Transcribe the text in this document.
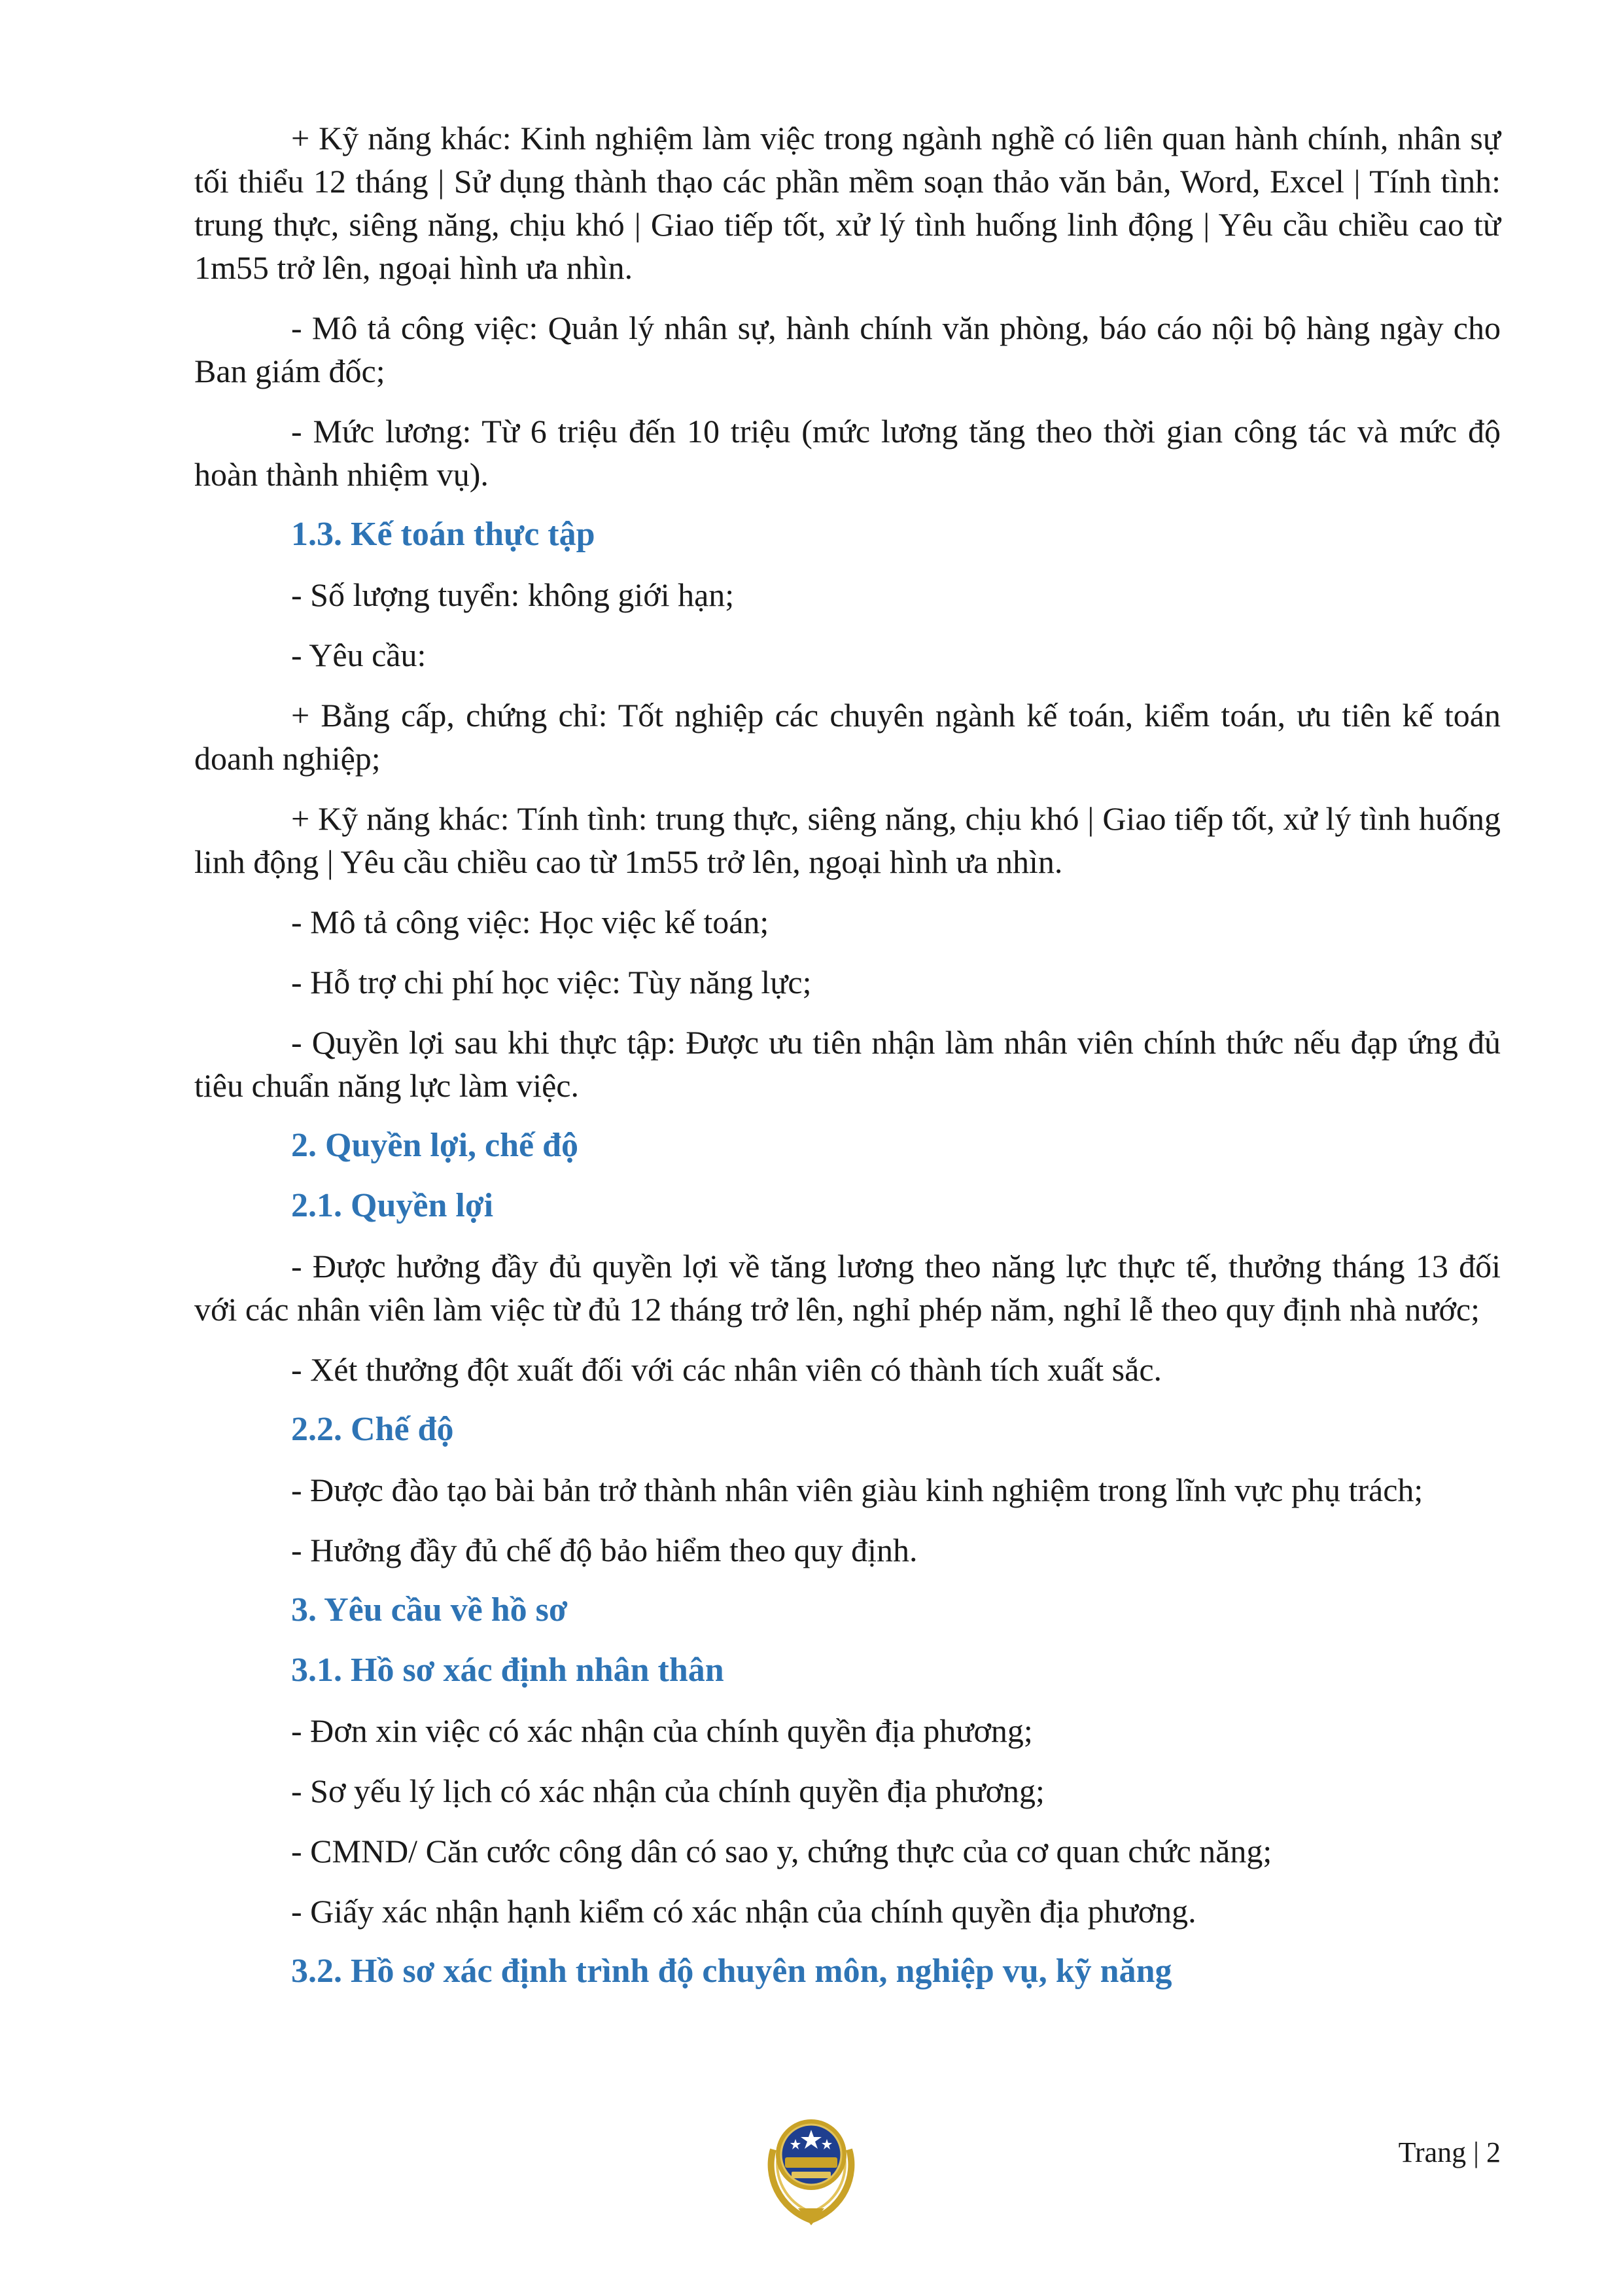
+ Kỹ năng khác: Kinh nghiệm làm việc trong ngành nghề có liên quan hành chính, nhân sự tối thiểu 12 tháng | Sử dụng thành thạo các phần mềm soạn thảo văn bản, Word, Excel | Tính tình: trung thực, siêng năng, chịu khó | Giao tiếp tốt, xử lý tình huống linh động | Yêu cầu chiều cao từ 1m55 trở lên, ngoại hình ưa nhìn.

- Mô tả công việc: Quản lý nhân sự, hành chính văn phòng, báo cáo nội bộ hàng ngày cho Ban giám đốc;

- Mức lương: Từ 6 triệu đến 10 triệu (mức lương tăng theo thời gian công tác và mức độ hoàn thành nhiệm vụ).

1.3. Kế toán thực tập

- Số lượng tuyển: không giới hạn;

- Yêu cầu:

+ Bằng cấp, chứng chỉ: Tốt nghiệp các chuyên ngành kế toán, kiểm toán, ưu tiên kế toán doanh nghiệp;

+ Kỹ năng khác: Tính tình: trung thực, siêng năng, chịu khó | Giao tiếp tốt, xử lý tình huống linh động | Yêu cầu chiều cao từ 1m55 trở lên, ngoại hình ưa nhìn.

- Mô tả công việc: Học việc kế toán;

- Hỗ trợ chi phí học việc: Tùy năng lực;

- Quyền lợi sau khi thực tập: Được ưu tiên nhận làm nhân viên chính thức nếu đạp ứng đủ tiêu chuẩn năng lực làm việc.

2. Quyền lợi, chế độ

2.1. Quyền lợi

- Được hưởng đầy đủ quyền lợi về tăng lương theo năng lực thực tế, thưởng tháng 13 đối với các nhân viên làm việc từ đủ 12 tháng trở lên, nghỉ phép năm, nghỉ lễ theo quy định nhà nước;

- Xét thưởng đột xuất đối với các nhân viên có thành tích xuất sắc.

2.2. Chế độ

- Được đào tạo bài bản trở thành nhân viên giàu kinh nghiệm trong lĩnh vực phụ trách;

- Hưởng đầy đủ chế độ bảo hiểm theo quy định.

3. Yêu cầu về hồ sơ

3.1. Hồ sơ xác định nhân thân

- Đơn xin việc có xác nhận của chính quyền địa phương;

- Sơ yếu lý lịch có xác nhận của chính quyền địa phương;

- CMND/ Căn cước công dân có sao y, chứng thực của cơ quan chức năng;

- Giấy xác nhận hạnh kiểm có xác nhận của chính quyền địa phương.

3.2. Hồ sơ xác định trình độ chuyên môn, nghiệp vụ, kỹ năng

Trang | 2
